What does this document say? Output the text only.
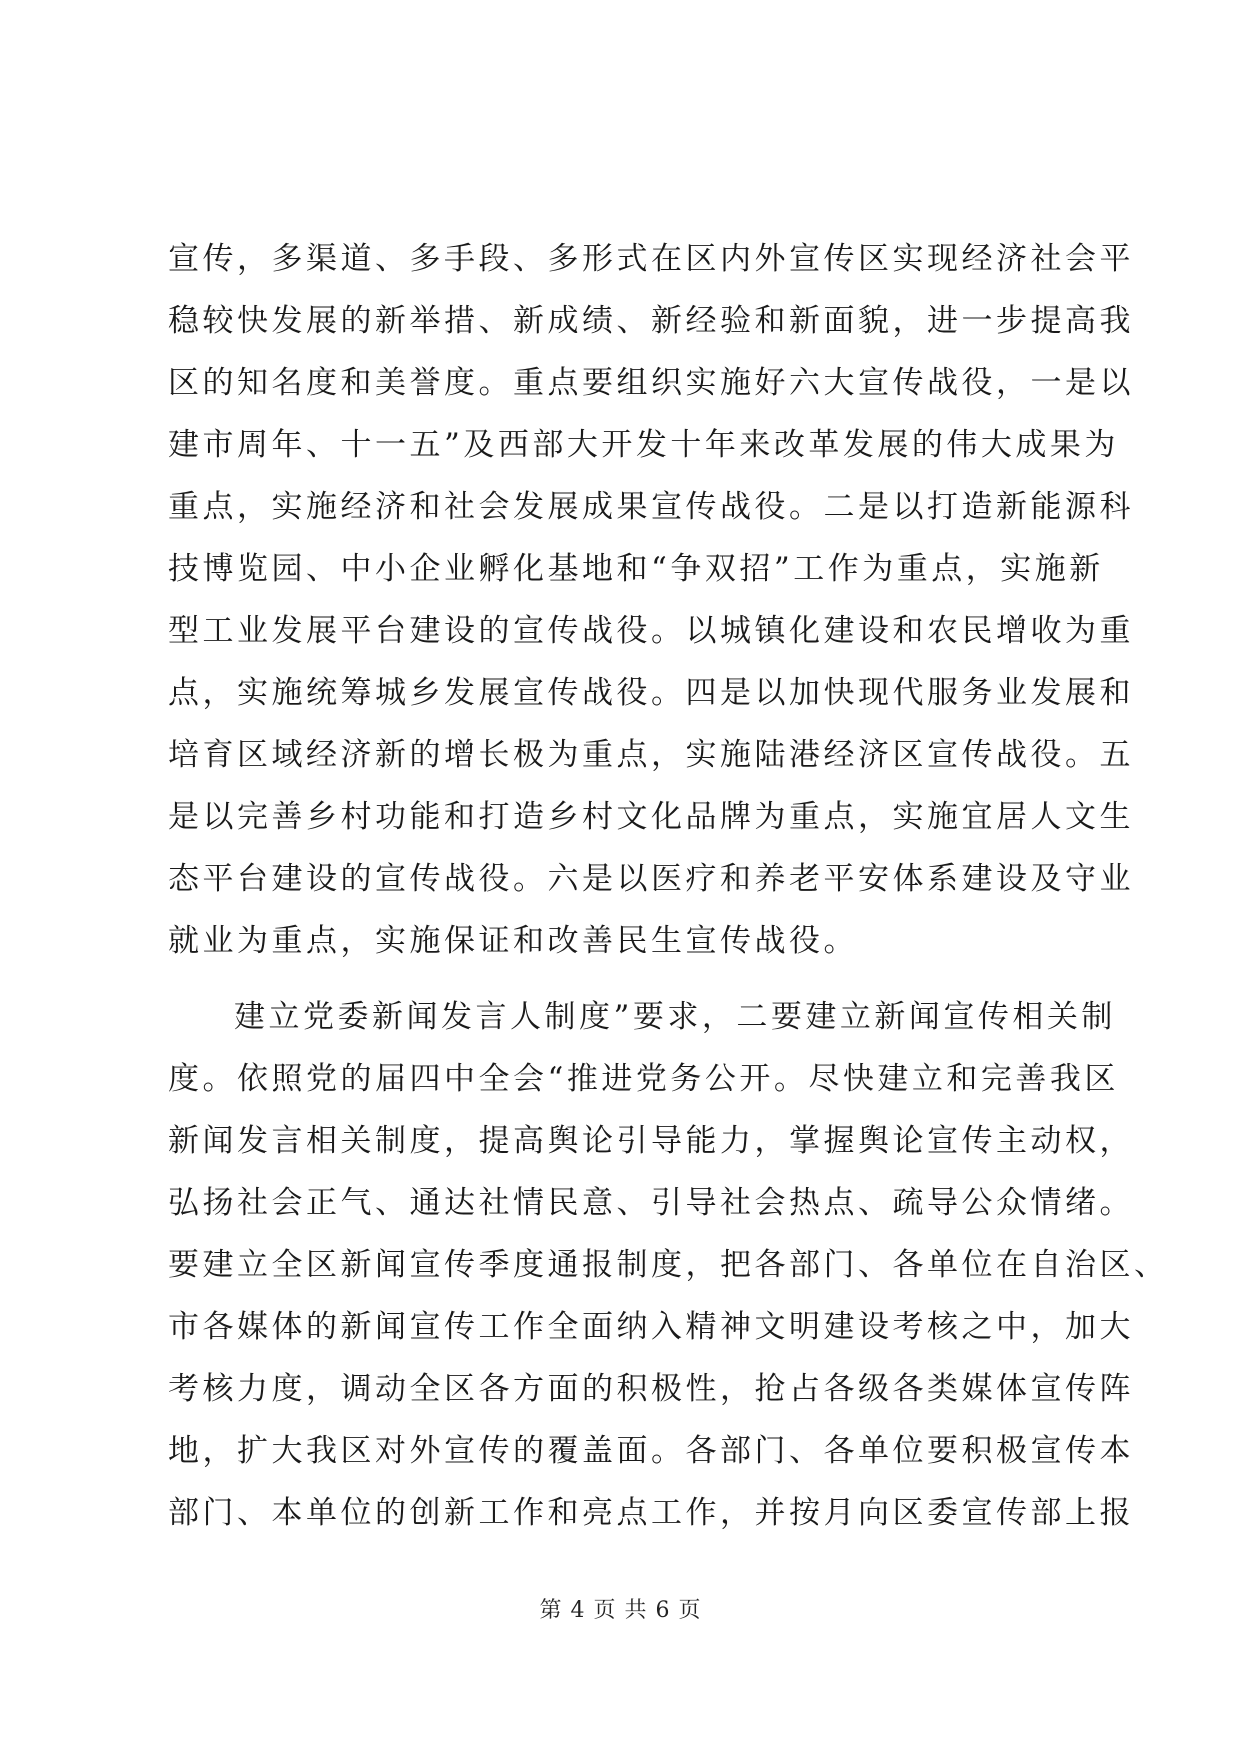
宣传，多渠道、多手段、多形式在区内外宣传区实现经济社会平
稳较快发展的新举措、新成绩、新经验和新面貌，进一步提高我
区的知名度和美誉度。重点要组织实施好六大宣传战役，一是以
建市周年、十一五”及西部大开发十年来改革发展的伟大成果为
重点，实施经济和社会发展成果宣传战役。二是以打造新能源科
技博览园、中小企业孵化基地和“争双招”工作为重点，实施新
型工业发展平台建设的宣传战役。以城镇化建设和农民增收为重
点，实施统筹城乡发展宣传战役。四是以加快现代服务业发展和
培育区域经济新的增长极为重点，实施陆港经济区宣传战役。五
是以完善乡村功能和打造乡村文化品牌为重点，实施宜居人文生
态平台建设的宣传战役。六是以医疗和养老平安体系建设及守业
就业为重点，实施保证和改善民生宣传战役。
建立党委新闻发言人制度”要求，二要建立新闻宣传相关制
度。依照党的届四中全会“推进党务公开。尽快建立和完善我区
新闻发言相关制度，提高舆论引导能力，掌握舆论宣传主动权，
弘扬社会正气、通达社情民意、引导社会热点、疏导公众情绪。
要建立全区新闻宣传季度通报制度，把各部门、各单位在自治区、
市各媒体的新闻宣传工作全面纳入精神文明建设考核之中，加大
考核力度，调动全区各方面的积极性，抢占各级各类媒体宣传阵
地，扩大我区对外宣传的覆盖面。各部门、各单位要积极宣传本
部门、本单位的创新工作和亮点工作，并按月向区委宣传部上报
第 4 页 共 6 页
